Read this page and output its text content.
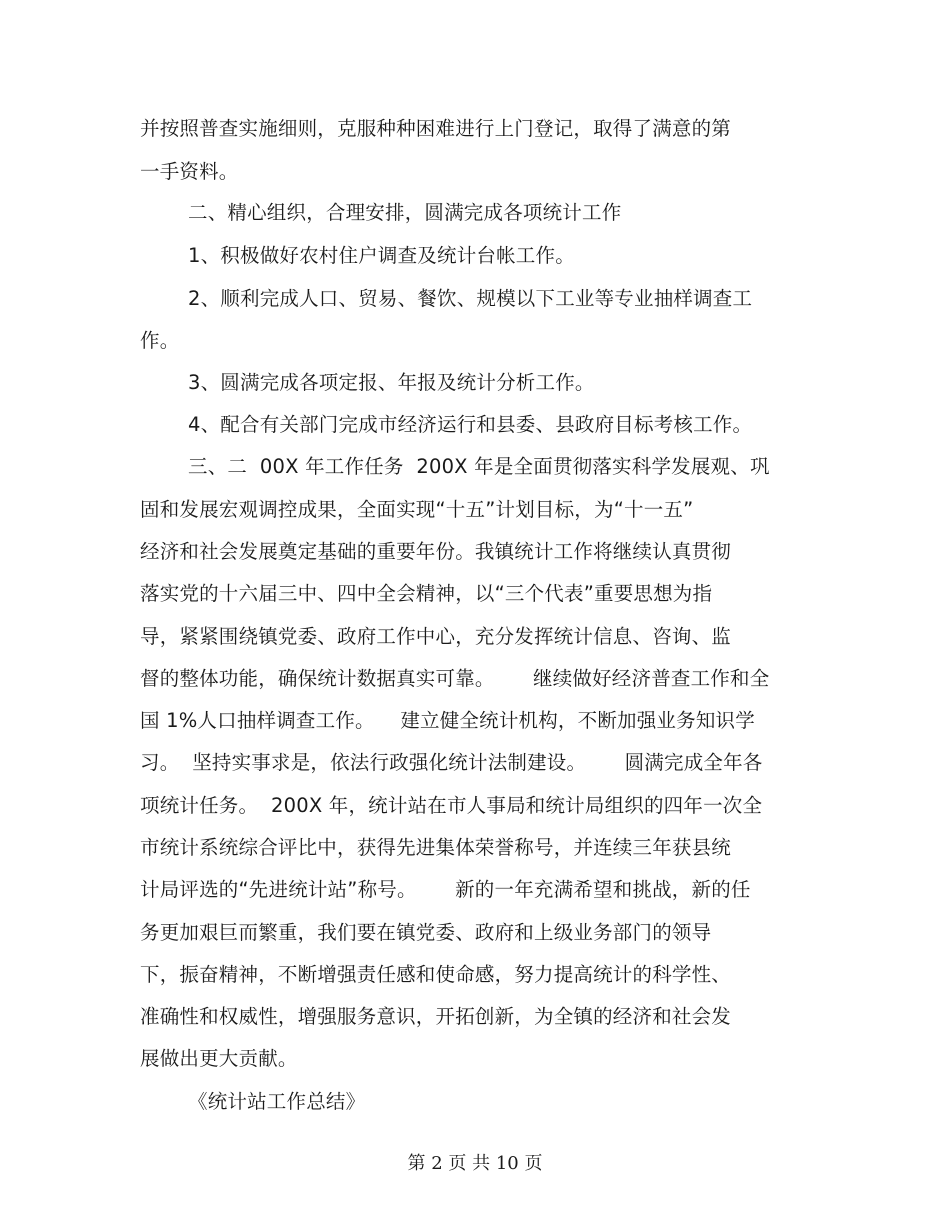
并按照普查实施细则，克服种种困难进行上门登记，取得了满意的第
一手资料。
二、精心组织，合理安排，圆满完成各项统计工作
1、积极做好农村住户调查及统计台帐工作。
2、顺利完成人口、贸易、餐饮、规模以下工业等专业抽样调查工
作。
3、圆满完成各项定报、年报及统计分析工作。
4、配合有关部门完成市经济运行和县委、县政府目标考核工作。
三、二  00X 年工作任务  200X 年是全面贯彻落实科学发展观、巩
固和发展宏观调控成果，全面实现“十五”计划目标，为“十一五”
经济和社会发展奠定基础的重要年份。我镇统计工作将继续认真贯彻
落实党的十六届三中、四中全会精神，以“三个代表”重要思想为指
导，紧紧围绕镇党委、政府工作中心，充分发挥统计信息、咨询、监
督的整体功能，确保统计数据真实可靠。      继续做好经济普查工作和全
国 1%人口抽样调查工作。    建立健全统计机构，不断加强业务知识学
习。  坚持实事求是，依法行政强化统计法制建设。      圆满完成全年各
项统计任务。  200X 年，统计站在市人事局和统计局组织的四年一次全
市统计系统综合评比中，获得先进集体荣誉称号，并连续三年获县统
计局评选的“先进统计站”称号。      新的一年充满希望和挑战，新的任
务更加艰巨而繁重，我们要在镇党委、政府和上级业务部门的领导
下，振奋精神，不断增强责任感和使命感，努力提高统计的科学性、
准确性和权威性，增强服务意识，开拓创新，为全镇的经济和社会发
展做出更大贡献。
《统计站工作总结》
第 2 页 共 10 页
